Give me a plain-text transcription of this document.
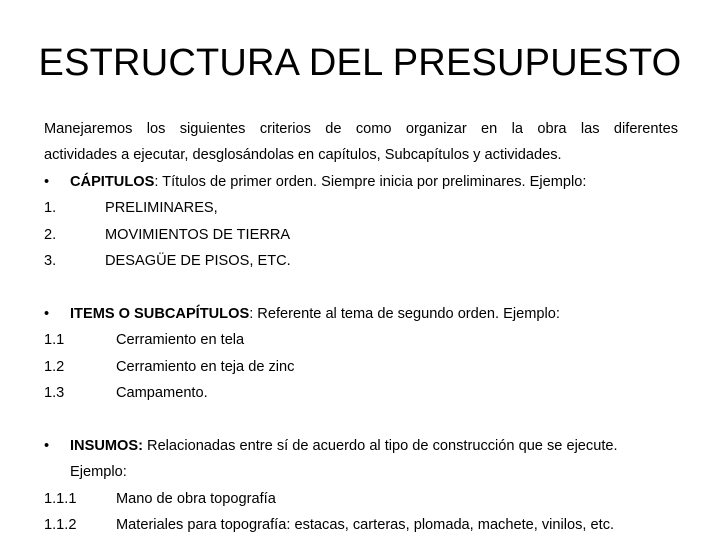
ESTRUCTURA DEL PRESUPUESTO
Manejaremos los siguientes criterios de como organizar en la obra las diferentes
actividades a ejecutar, desglosándolas en capítulos, Subcapítulos y actividades.
• CÁPITULOS: Títulos de primer orden. Siempre inicia por preliminares. Ejemplo:
1.	PRELIMINARES,
2.	MOVIMIENTOS DE TIERRA
3.	DESAGÜE DE PISOS, ETC.
• ITEMS O SUBCAPÍTULOS: Referente al tema de segundo orden. Ejemplo:
1.1	Cerramiento en tela
1.2	Cerramiento en teja de zinc
1.3	Campamento.
• INSUMOS: Relacionadas entre sí de acuerdo al tipo de construcción que se ejecute.
Ejemplo:
1.1.1	Mano de obra topografía
1.1.2	Materiales para topografía: estacas, carteras, plomada, machete, vinilos, etc.
